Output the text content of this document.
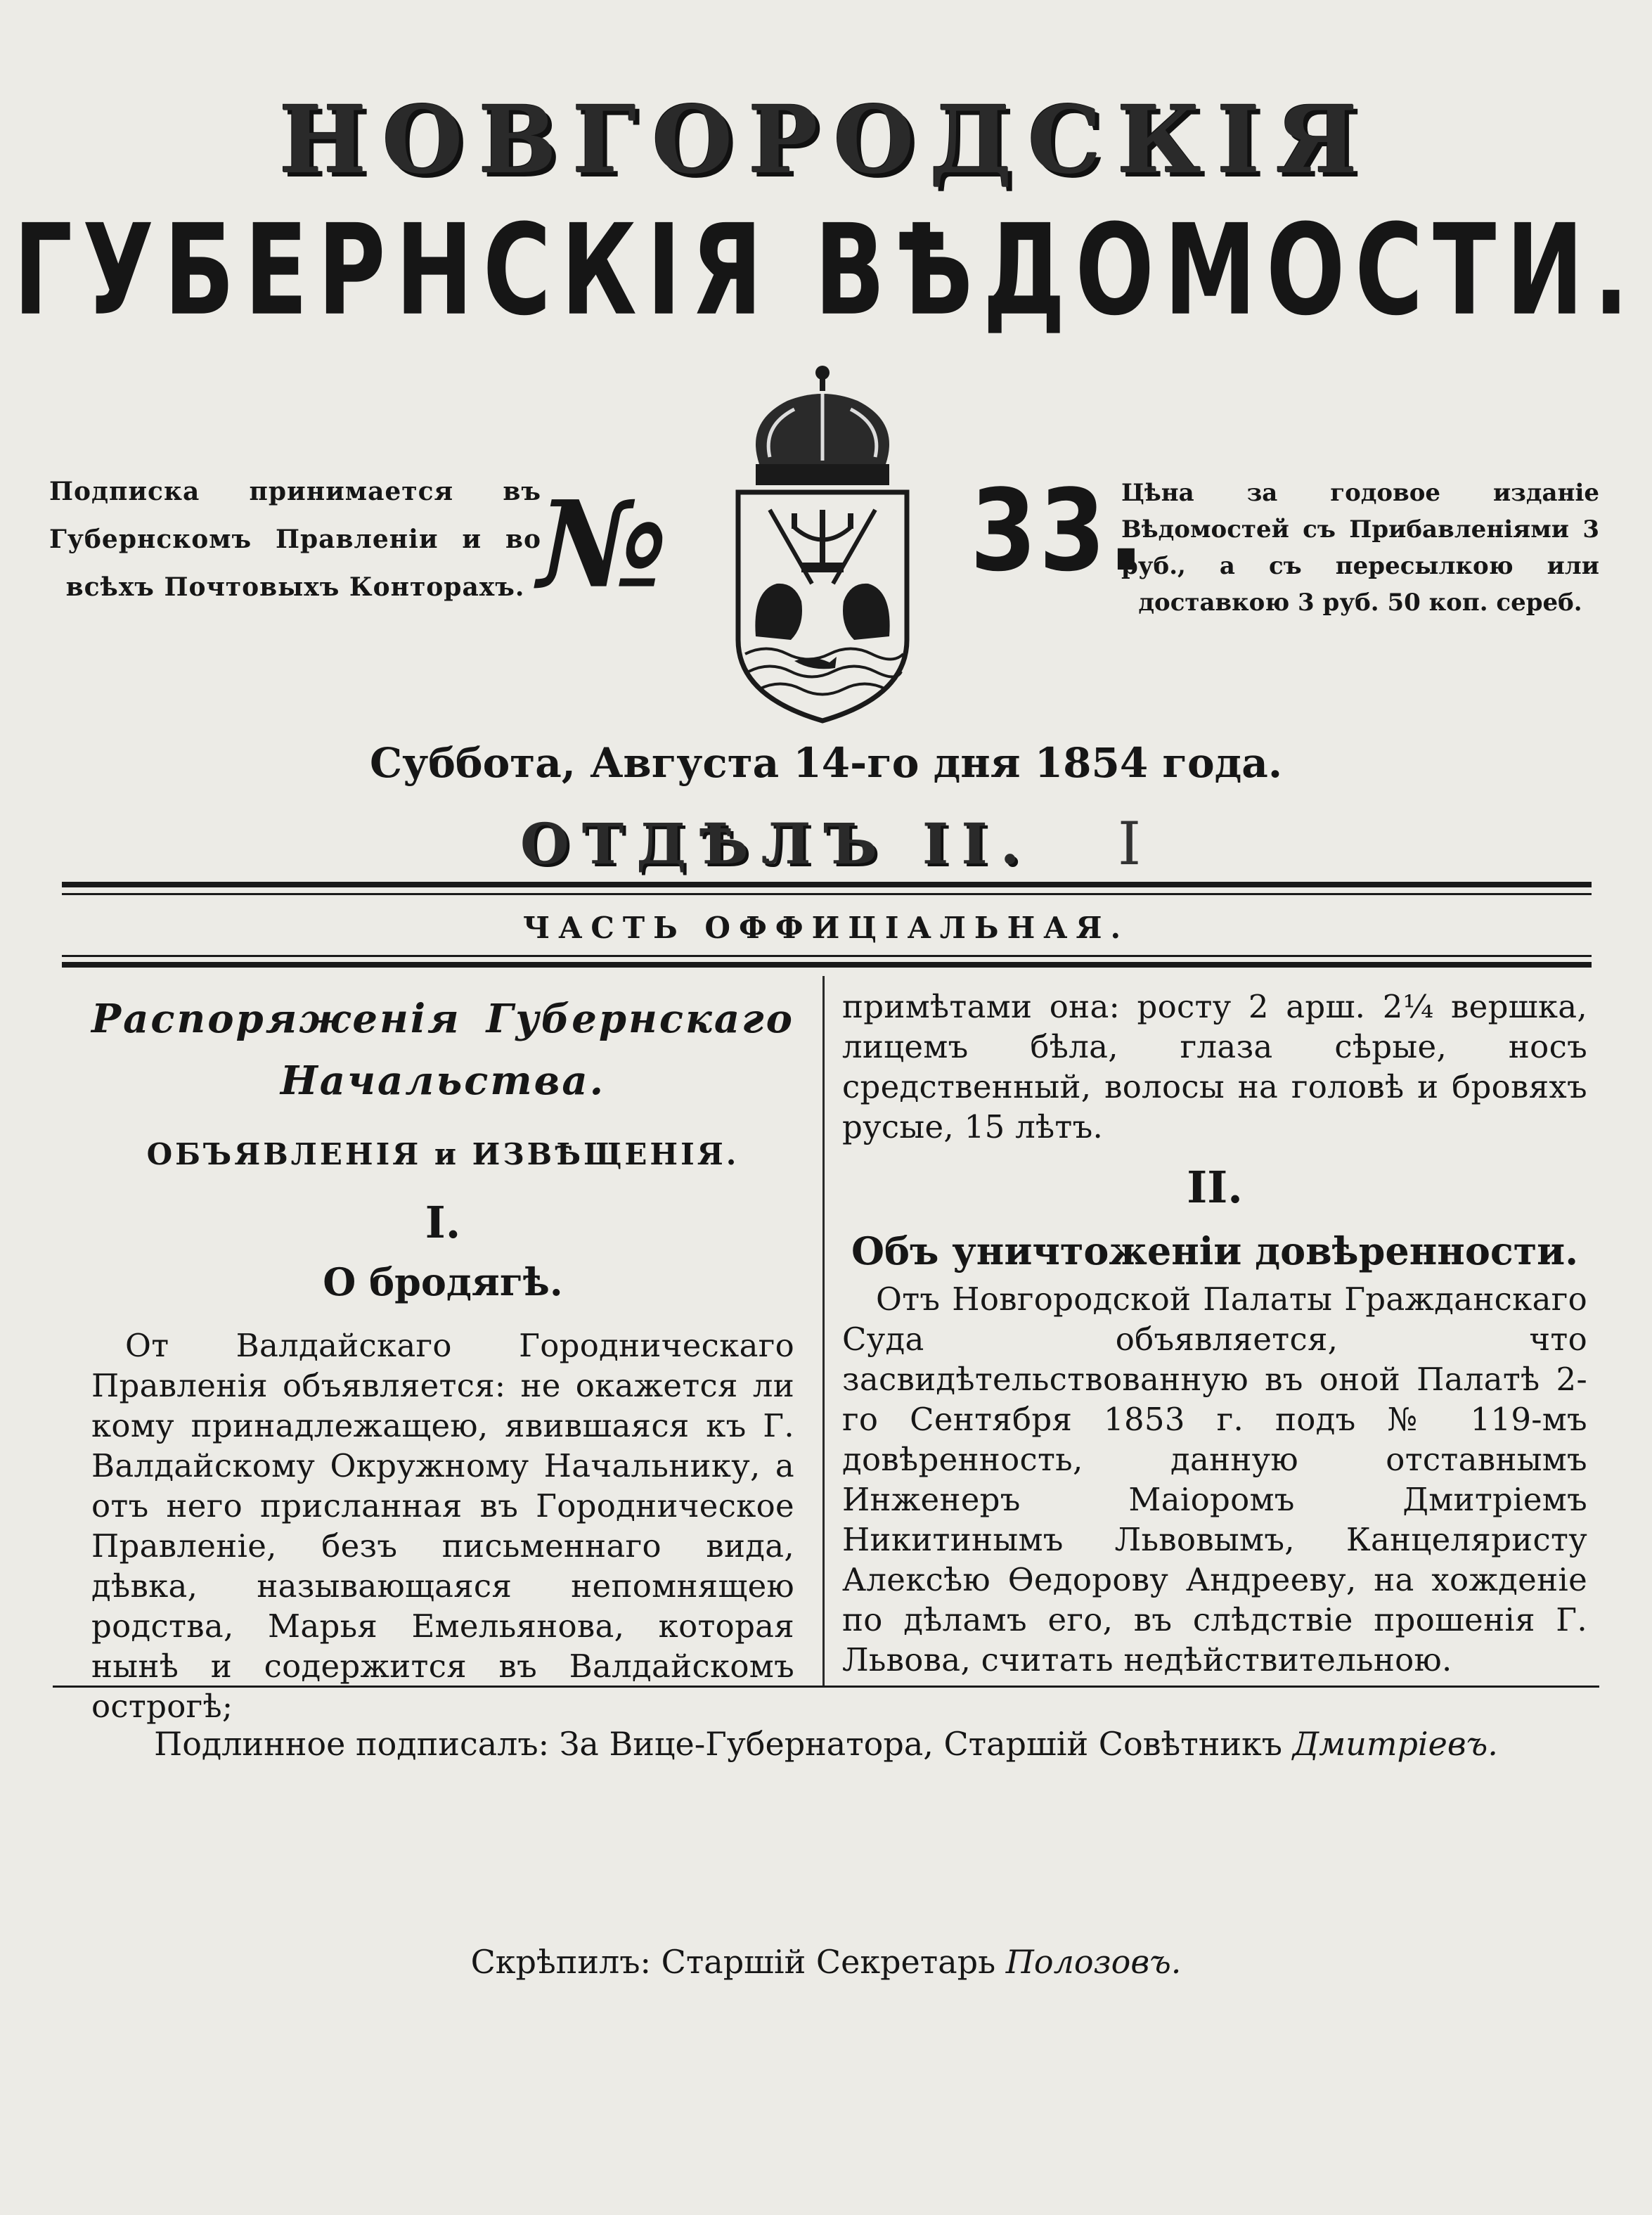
НОВГОРОДСКІЯ
ГУБЕРНСКІЯ ВѢДОМОСТИ.
Подписка принимается въ Губернскомъ Правленіи и во всѣхъ Почтовыхъ Конторахъ. №	33.
Цѣна за годовое изданіе Вѣдомостей съ Прибавленіями 3 руб., а съ пересылкою или доставкою 3 руб. 50 коп. сереб.
Суббота, Августа 14-го дня 1854 года.
ОТДѢЛЪ II. I
ЧАСТЬ ОФФИЦІАЛЬНАЯ.
Распоряженія Губернскаго
Начальства.
ОБЪЯВЛЕНІЯ и ИЗВѢЩЕНІЯ.
I.
О бродягѣ.
От Валдайскаго Городническаго Правленія объявляется: не окажется ли кому принадлежащею, явившаяся къ Г. Валдайскому Окружному Начальнику, а отъ него присланная въ Городническое Правленіе, безъ письменнаго вида, дѣвка, называющаяся непомнящею родства, Марья Емельянова, которая нынѣ и содержится въ Валдайскомъ острогѣ;
примѣтами она: росту 2 арш. 2¼ вершка, лицемъ бѣла, глаза сѣрые, носъ средственный, волосы на головѣ и бровяхъ русые, 15 лѣтъ.
II.
Объ уничтоженіи довѣренности.
Отъ Новгородской Палаты Гражданскаго Суда объявляется, что засвидѣтельствованную въ оной Палатѣ 2-го Сентября 1853 г. подъ № 119-мъ довѣренность, данную отставнымъ Инженеръ Маіоромъ Дмитріемъ Никитинымъ Львовымъ, Канцеляристу Алексѣю Ѳедорову Андрееву, на хожденіе по дѣламъ его, въ слѣдствіе прошенія Г. Львова, считать недѣйствительною.
Подлинное подписалъ: За Вице-Губернатора, Старшій Совѣтникъ Дмитріевъ.
Скрѣпилъ: Старшій Секретарь Полозовъ.
